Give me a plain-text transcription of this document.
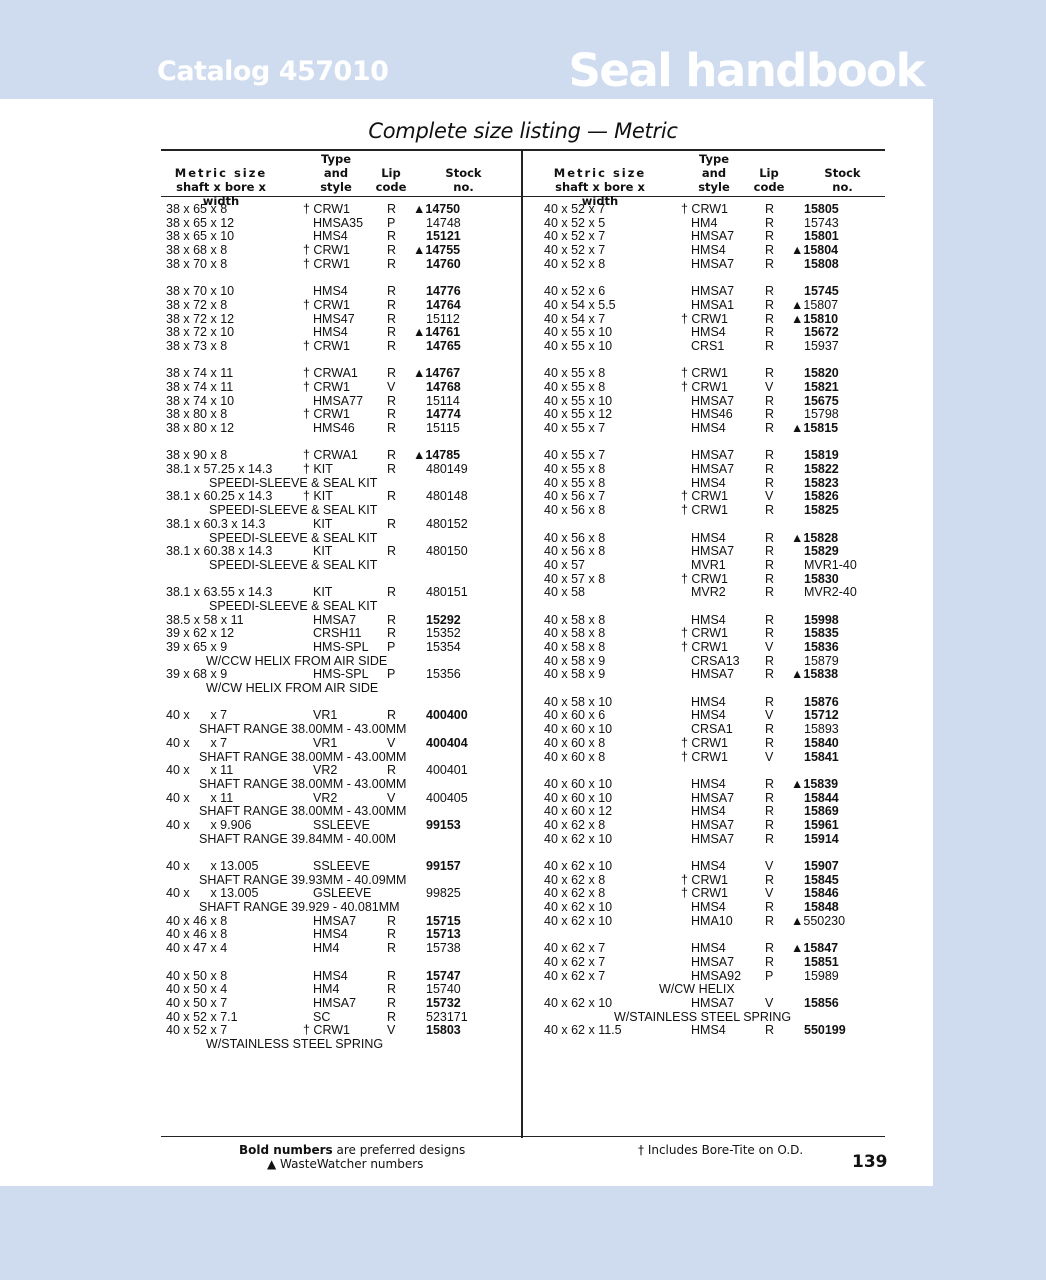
Catalog 457010	Seal handbook
Complete size listing — Metric
Metric size
shaft x bore x width
Type
and
style
Lip
code
Stock
no.
Metric size
shaft x bore x width
Type
and
style
Lip
code
Stock
no.
38 x 65 x 8	† CRW1	R ▲14750
38 x 65 x 12	HMSA35 P 14748
38 x 65 x 10	HMS4	R 15121
38 x 68 x 8	† CRW1	R ▲14755
38 x 70 x 8	† CRW1	R 14760
38 x 70 x 10	HMS4	R 14776
38 x 72 x 8	† CRW1	R 14764
38 x 72 x 12	HMS47	R 15112
38 x 72 x 10	HMS4	R ▲14761
38 x 73 x 8	† CRW1	R 14765
38 x 74 x 11	† CRWA1 R ▲14767
38 x 74 x 11	† CRW1	V 14768
38 x 74 x 10	HMSA77 R 15114
38 x 80 x 8	† CRW1	R 14774
38 x 80 x 12	HMS46	R 15115
38 x 90 x 8	† CRWA1 R ▲14785
38.1 x 57.25 x 14.3 † KIT	R 480149
SPEEDI-SLEEVE & SEAL KIT
38.1 x 60.25 x 14.3 † KIT	R 480148
SPEEDI-SLEEVE & SEAL KIT
38.1 x 60.3 x 14.3	KIT	R 480152
SPEEDI-SLEEVE & SEAL KIT
38.1 x 60.38 x 14.3	KIT	R 480150
SPEEDI-SLEEVE & SEAL KIT
38.1 x 63.55 x 14.3	KIT	R 480151
SPEEDI-SLEEVE & SEAL KIT
38.5 x 58 x 11	HMSA7 R 15292
39 x 62 x 12	CRSH11 R 15352
39 x 65 x 9	HMS-SPL P 15354
W/CCW HELIX FROM AIR SIDE
39 x 68 x 9	HMS-SPL P 15356
W/CW HELIX FROM AIR SIDE
40 x      x 7	VR1	R 400400
SHAFT RANGE 38.00MM - 43.00MM
40 x      x 7	VR1	V 400404
SHAFT RANGE 38.00MM - 43.00MM
40 x      x 11	VR2	R 400401
SHAFT RANGE 38.00MM - 43.00MM
40 x      x 11	VR2	V 400405
SHAFT RANGE 38.00MM - 43.00MM
40 x      x 9.906	SSLEEVE	99153
SHAFT RANGE 39.84MM - 40.00M
40 x      x 13.005	SSLEEVE	99157
SHAFT RANGE 39.93MM - 40.09MM
40 x      x 13.005	GSLEEVE	99825
SHAFT RANGE 39.929 - 40.081MM
40 x 46 x 8	HMSA7 R 15715
40 x 46 x 8	HMS4	R 15713
40 x 47 x 4	HM4	R 15738
40 x 50 x 8	HMS4	R 15747
40 x 50 x 4	HM4	R 15740
40 x 50 x 7	HMSA7 R 15732
40 x 52 x 7.1	SC	R 523171
40 x 52 x 7	† CRW1	V 15803
W/STAINLESS STEEL SPRING
40 x 52 x 7	† CRW1	R 15805
40 x 52 x 5	HM4	R 15743
40 x 52 x 7	HMSA7 R 15801
40 x 52 x 7	HMS4	R ▲15804
40 x 52 x 8	HMSA7 R 15808
40 x 52 x 6	HMSA7 R 15745
40 x 54 x 5.5	HMSA1 R ▲15807
40 x 54 x 7	† CRW1	R ▲15810
40 x 55 x 10	HMS4	R 15672
40 x 55 x 10	CRS1	R 15937
40 x 55 x 8	† CRW1	R 15820
40 x 55 x 8	† CRW1	V 15821
40 x 55 x 10	HMSA7 R 15675
40 x 55 x 12	HMS46	R 15798
40 x 55 x 7	HMS4	R ▲15815
40 x 55 x 7	HMSA7 R 15819
40 x 55 x 8	HMSA7 R 15822
40 x 55 x 8	HMS4	R 15823
40 x 56 x 7	† CRW1	V 15826
40 x 56 x 8	† CRW1	R 15825
40 x 56 x 8	HMS4	R ▲15828
40 x 56 x 8	HMSA7 R 15829
40 x 57	MVR1	R MVR1-40
40 x 57 x 8	† CRW1	R 15830
40 x 58	MVR2	R MVR2-40
40 x 58 x 8	HMS4	R 15998
40 x 58 x 8	† CRW1	R 15835
40 x 58 x 8	† CRW1	V 15836
40 x 58 x 9	CRSA13 R 15879
40 x 58 x 9	HMSA7 R ▲15838
40 x 58 x 10	HMS4	R 15876
40 x 60 x 6	HMS4	V 15712
40 x 60 x 10	CRSA1	R 15893
40 x 60 x 8	† CRW1	R 15840
40 x 60 x 8	† CRW1	V 15841
40 x 60 x 10	HMS4	R ▲15839
40 x 60 x 10	HMSA7 R 15844
40 x 60 x 12	HMS4	R 15869
40 x 62 x 8	HMSA7 R 15961
40 x 62 x 10	HMSA7 R 15914
40 x 62 x 10	HMS4	V 15907
40 x 62 x 8	† CRW1	R 15845
40 x 62 x 8	† CRW1	V 15846
40 x 62 x 10	HMS4	R 15848
40 x 62 x 10	HMA10	R ▲550230
40 x 62 x 7	HMS4	R ▲15847
40 x 62 x 7	HMSA7 R 15851
40 x 62 x 7	HMSA92 P 15989
W/CW HELIX
40 x 62 x 10	HMSA7 V 15856
W/STAINLESS STEEL SPRING
40 x 62 x 11.5	HMS4	R 550199
Bold numbers are preferred designs
▲ WasteWatcher numbers
† Includes Bore-Tite on O.D.
139
